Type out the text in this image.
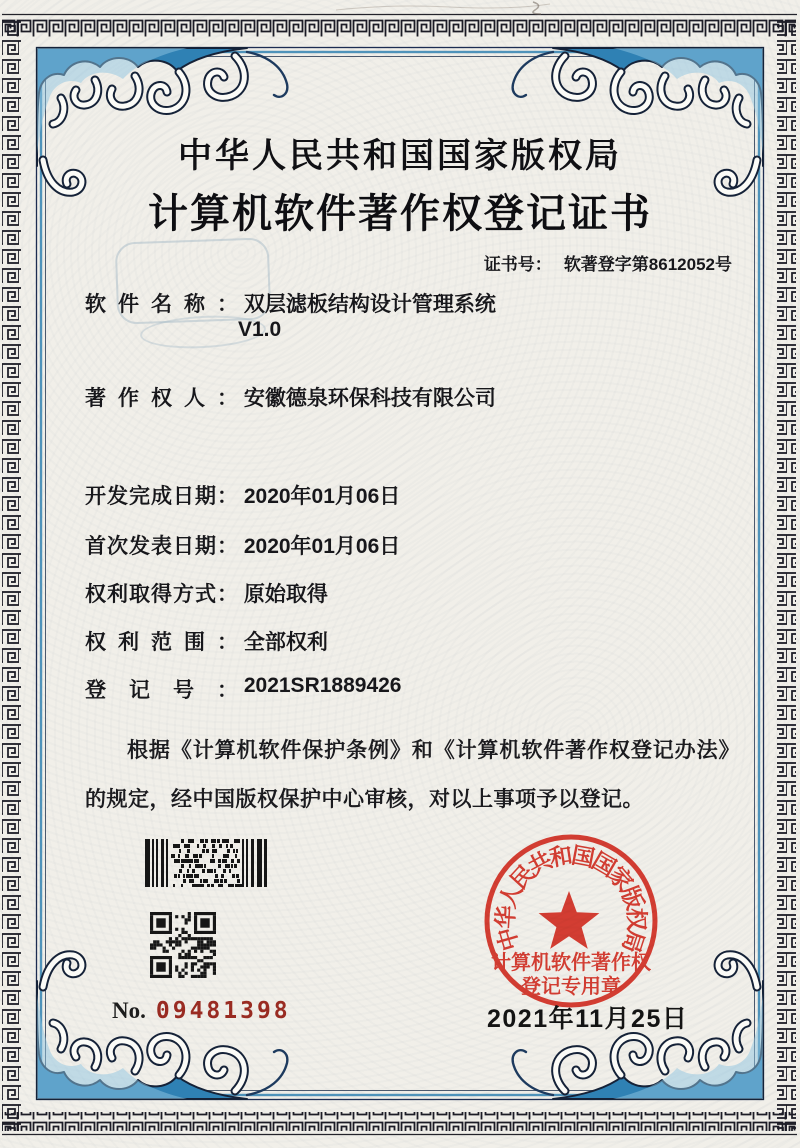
中华人民共和国国家版权局
计算机软件著作权登记证书
证书号： 软著登字第8612052号
软件名称： 双层滤板结构设计管理系统
V1.0
著作权人： 安徽德泉环保科技有限公司
开发完成日期： 2020年01月06日
首次发表日期： 2020年01月06日
权利取得方式： 原始取得
权利范围： 全部权利
登记号： 2021SR1889426
根据《计算机软件保护条例》和《计算机软件著作权登记办法》的规定，经中国版权保护中心审核，对以上事项予以登记。
No. 09481398
中
华
人
民
共
和
国
国
家
版
权
局
计算机软件著作权
登记专用章
2021年11月25日
